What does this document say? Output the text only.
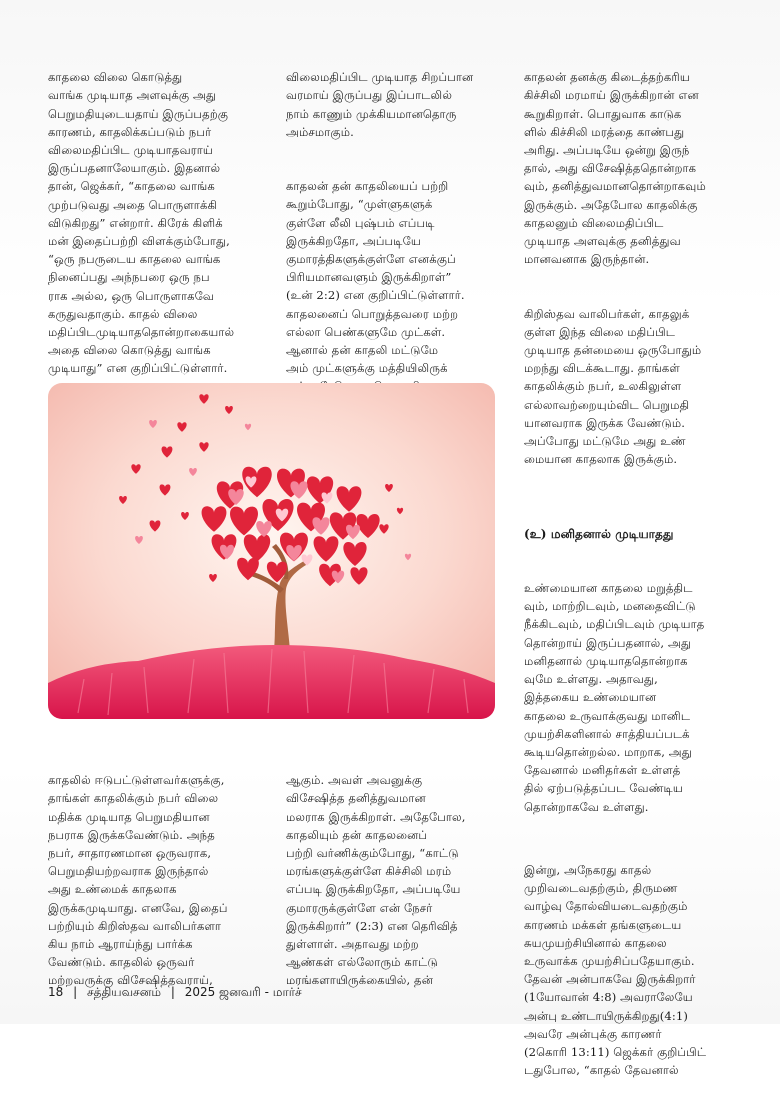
காதலை விலை கொடுத்து
வாங்க முடியாத அளவுக்கு அது
பெறுமதியுடையதாய் இருப்பதற்கு
காரணம், காதலிக்கப்படும் நபர்
விலைமதிப்பிட முடியாதவராய்
இருப்பதனாலேயாகும். இதனால்
தான், ஜெக்கர், “காதலை வாங்க
முற்படுவது அதை பொருளாக்கி
விடுகிறது” என்றார். கிரேக் கிளிக்
மன் இதைப்பற்றி விளக்கும்போது,
“ஒரு நபருடைய காதலை வாங்க
நினைப்பது அந்நபரை ஒரு நப
ராக அல்ல, ஒரு பொருளாகவே
கருதுவதாகும். காதல் விலை
மதிப்பிடமுடியாததொன்றாகையால்
அதை விலை கொடுத்து வாங்க
முடியாது” என குறிப்பிட்டுள்ளார்.

விலைமதிப்பிட முடியாத சிறப்பான
வரமாய் இருப்பது இப்பாடலில்
நாம் காணும் முக்கியமானதொரு
அம்சமாகும்.

காதலன் தன் காதலியைப் பற்றி
கூறும்போது, “முள்ளுகளுக்
குள்ளே லீலி புஷ்பம் எப்படி
இருக்கிறதோ, அப்படியே
குமாரத்திகளுக்குள்ளே எனக்குப்
பிரியமானவளும் இருக்கிறாள்”
(உன் 2:2) என குறிப்பிட்டுள்ளார்.
காதலனைப் பொறுத்தவரை மற்ற
எல்லா பெண்களுமே முட்கள்.
ஆனால் தன் காதலி மட்டுமே
அம் முட்களுக்கு மத்தியிலிருக்

காதலன் தனக்கு கிடைத்தற்கரிய
கிச்சிலி மரமாய் இருக்கிறான் என
கூறுகிறாள். பொதுவாக காடுக
ளில் கிச்சிலி மரத்தை காண்பது
அரிது. அப்படியே ஒன்று இருந்
தால், அது விசேஷித்ததொன்றாக
வும், தனித்துவமானதொன்றாகவும்
இருக்கும். அதேபோல காதலிக்கு
காதலனும் விலைமதிப்பிட
முடியாத அளவுக்கு தனித்துவ
மானவனாக இருந்தான்.

கிறிஸ்தவ வாலிபர்கள், காதலுக்
குள்ள இந்த விலை மதிப்பிட
முடியாத தன்மையை ஒருபோதும்
மறந்து விடக்கூடாது. தாங்கள்
காதலிக்கும் நபர், உலகிலுள்ள
எல்லாவற்றையும்விட பெறுமதி
யானவராக இருக்க வேண்டும்.
அப்போது மட்டுமே அது உண்
மையான காதலாக இருக்கும்.

(உ) மனிதனால் முடியாதது

உண்மையான காதலை மறுத்திட
வும், மாற்றிடவும், மனதைவிட்டு
நீக்கிடவும், மதிப்பிடவும் முடியாத
தொன்றாய் இருப்பதனால், அது
மனிதனால் முடியாததொன்றாக
வுமே உள்ளது. அதாவது,
இத்தகைய உண்மையான
காதலை உருவாக்குவது மானிட
முயற்சிகளினால் சாத்தியப்படக்
கூடியதொன்றல்ல. மாறாக, அது
தேவனால் மனிதர்கள் உள்ளத்
தில் ஏற்படுத்தப்பட வேண்டிய
தொன்றாகவே உள்ளது.

இன்று, அநேகரது காதல்
முறிவடைவதற்கும், திருமண
வாழ்வு தோல்வியடைவதற்கும்
காரணம் மக்கள் தங்களுடைய
சுயமுயற்சியினால் காதலை
உருவாக்க முயற்சிப்பதேயாகும்.
தேவன் அன்பாகவே இருக்கிறார்
(1யோவான் 4:8) அவராலேயே
அன்பு உண்டாயிருக்கிறது(4:1)
அவரே அன்புக்கு காரணர்
(2கொரி 13:11) ஜெக்கர் குறிப்பிட்
டதுபோல, “காதல் தேவனால்

காதலில் ஈடுபட்டுள்ளவர்களுக்கு,
தாங்கள் காதலிக்கும் நபர் விலை
மதிக்க முடியாத பெறுமதியான
நபராக இருக்கவேண்டும். அந்த
நபர், சாதாரணமான ஒருவராக,
பெறுமதியற்றவராக இருந்தால்
அது உண்மைக் காதலாக
இருக்கமுடியாது. எனவே, இதைப்
பற்றியும் கிறிஸ்தவ வாலிபர்களா
கிய நாம் ஆராய்ந்து பார்க்க
வேண்டும். காதலில் ஒருவர்
மற்றவருக்கு விசேஷித்தவராய்,

ஆகும். அவள் அவனுக்கு
விசேஷித்த தனித்துவமான
மலராக இருக்கிறாள். அதேபோல,
காதலியும் தன் காதலனைப்
பற்றி வர்ணிக்கும்போது, “காட்டு
மரங்களுக்குள்ளே கிச்சிலி மரம்
எப்படி இருக்கிறதோ, அப்படியே
குமாரருக்குள்ளே என் நேசர்
இருக்கிறார்” (2:3) என தெரிவித்
துள்ளாள். அதாவது மற்ற
ஆண்கள் எல்லோரும் காட்டு
மரங்களாயிருக்கையில், தன்

18 | சத்தியவசனம் | 2025 ஜனவரி - மார்ச்
